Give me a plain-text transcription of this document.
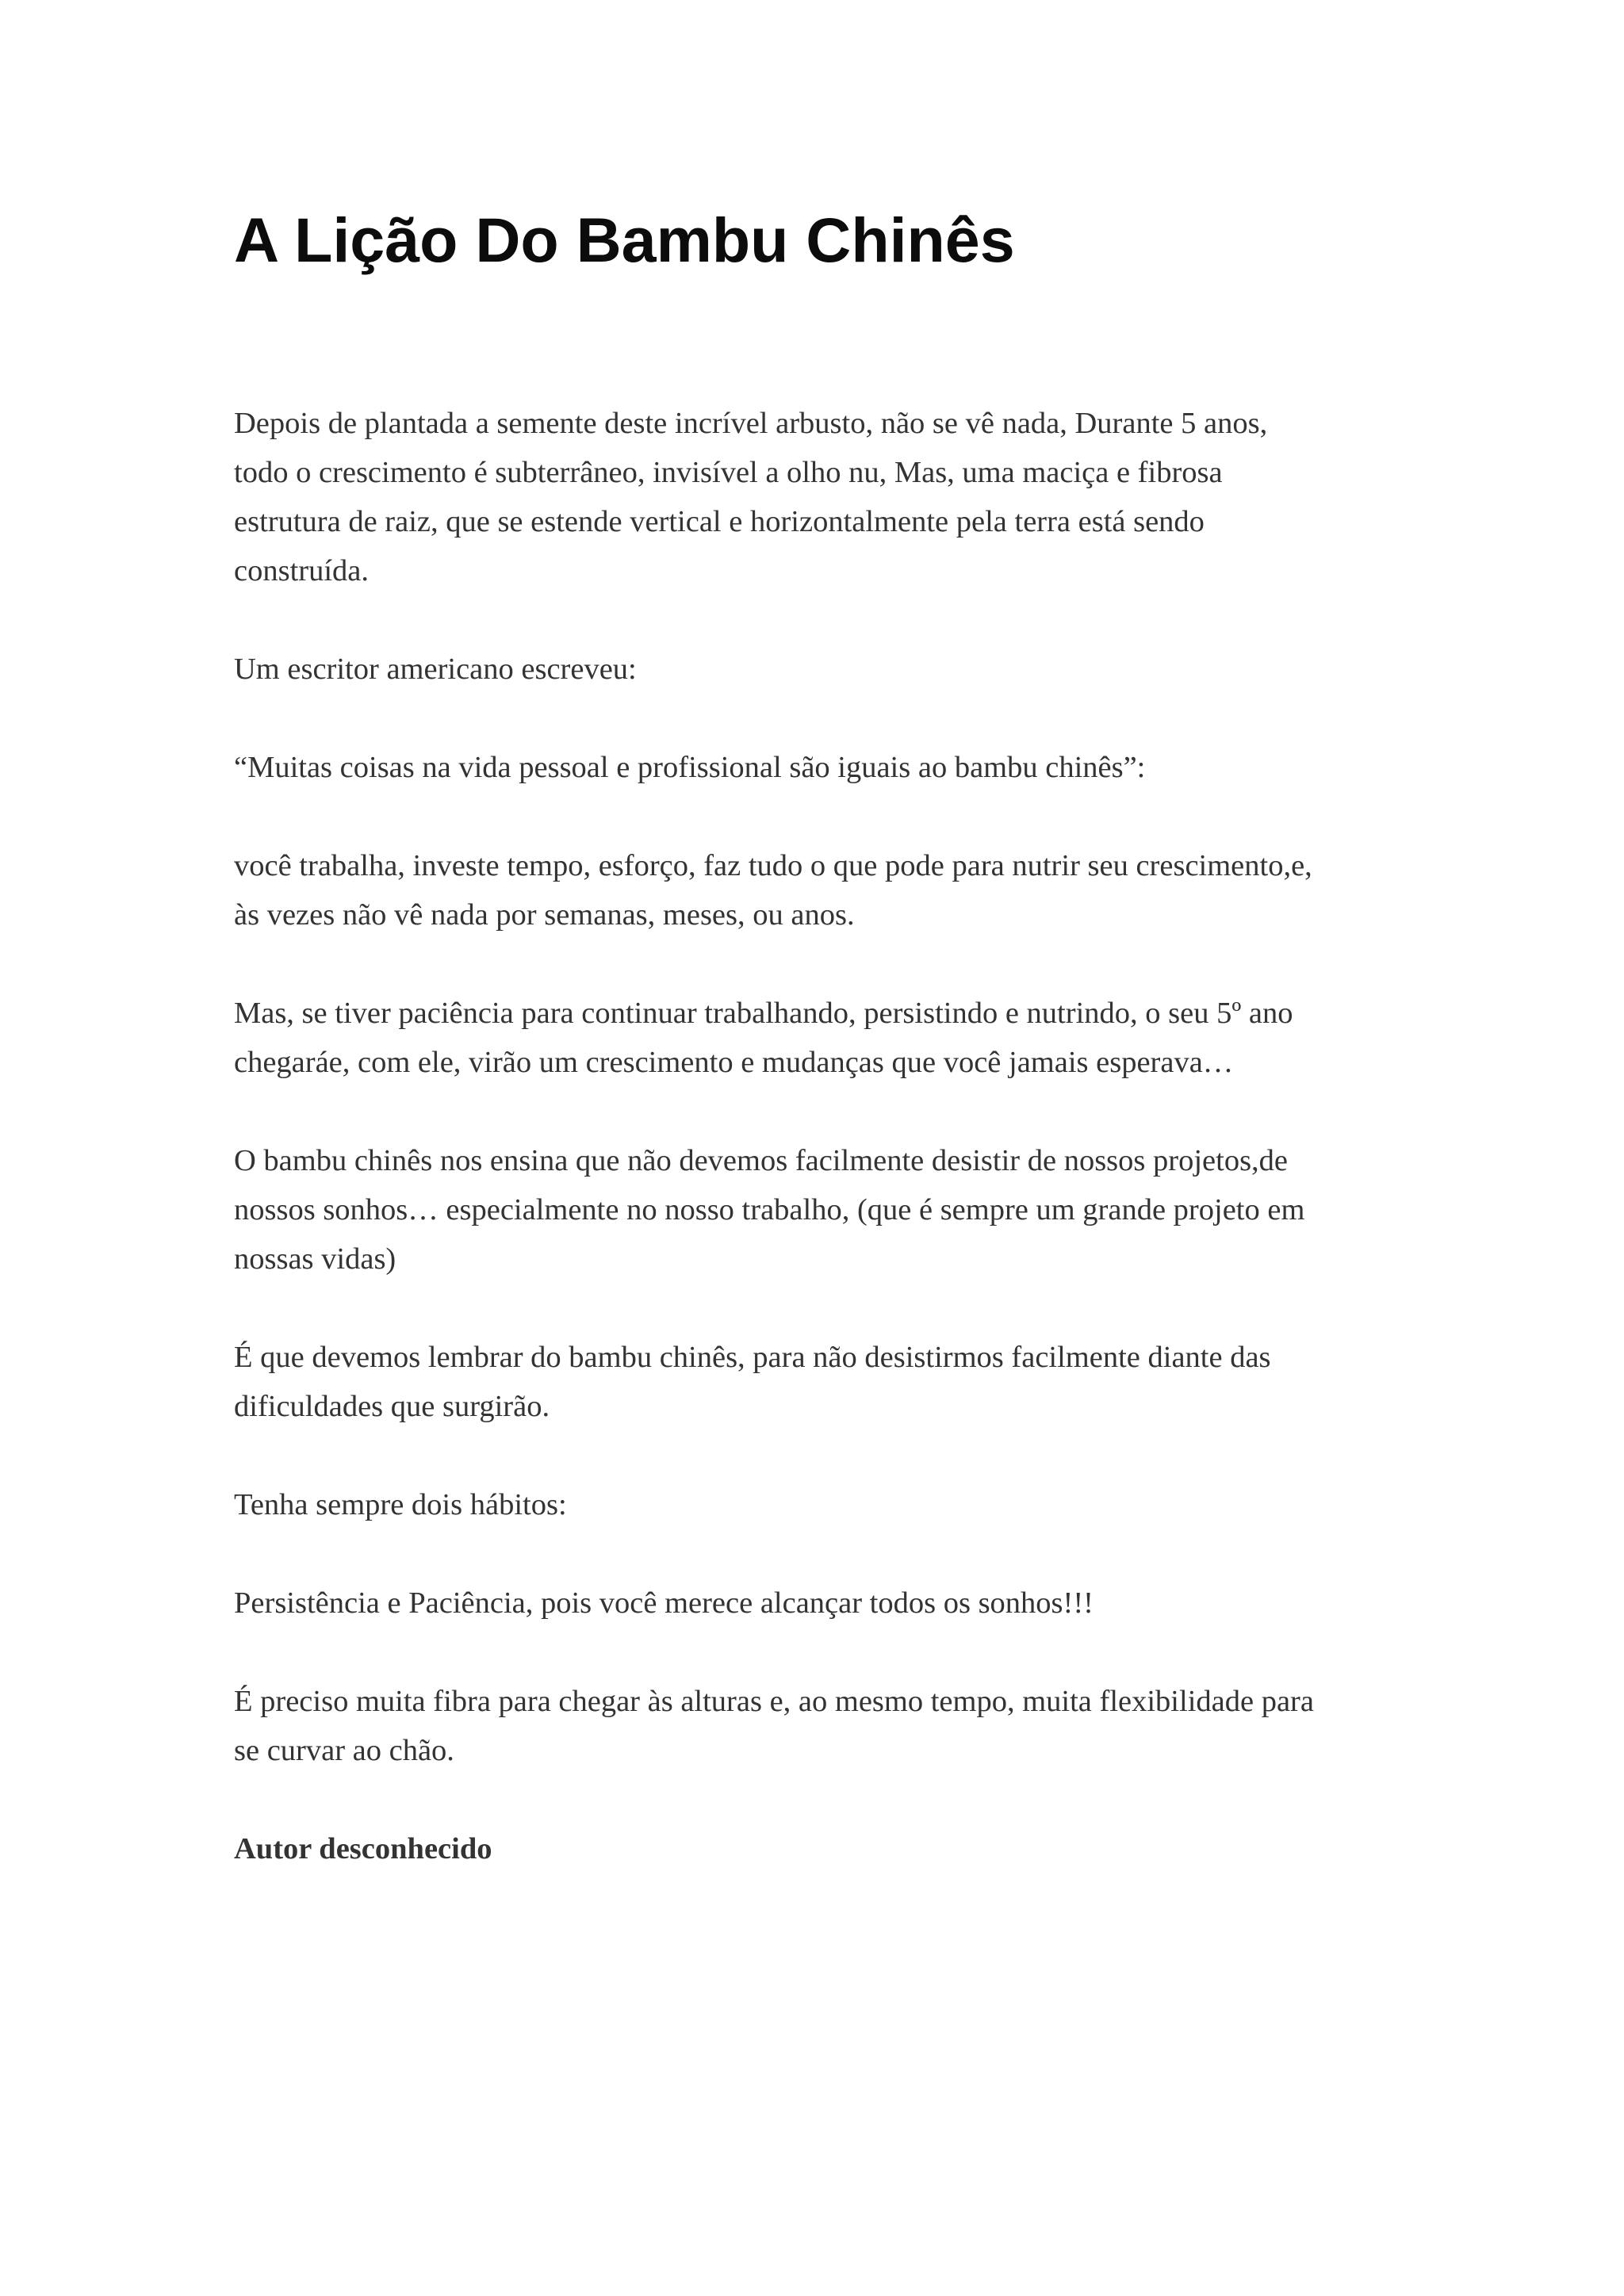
A Lição Do Bambu Chinês

Depois de plantada a semente deste incrível arbusto, não se vê nada, Durante 5 anos,
todo o crescimento é subterrâneo, invisível a olho nu, Mas, uma maciça e fibrosa
estrutura de raiz, que se estende vertical e horizontalmente pela terra está sendo
construída.

Um escritor americano escreveu:

“Muitas coisas na vida pessoal e profissional são iguais ao bambu chinês”:

você trabalha, investe tempo, esforço, faz tudo o que pode para nutrir seu crescimento,e,
às vezes não vê nada por semanas, meses, ou anos.

Mas, se tiver paciência para continuar trabalhando, persistindo e nutrindo, o seu 5º ano
chegaráe, com ele, virão um crescimento e mudanças que você jamais esperava…

O bambu chinês nos ensina que não devemos facilmente desistir de nossos projetos,de
nossos sonhos… especialmente no nosso trabalho, (que é sempre um grande projeto em
nossas vidas)

É que devemos lembrar do bambu chinês, para não desistirmos facilmente diante das
dificuldades que surgirão.

Tenha sempre dois hábitos:

Persistência e Paciência, pois você merece alcançar todos os sonhos!!!

É preciso muita fibra para chegar às alturas e, ao mesmo tempo, muita flexibilidade para
se curvar ao chão.

Autor desconhecido
